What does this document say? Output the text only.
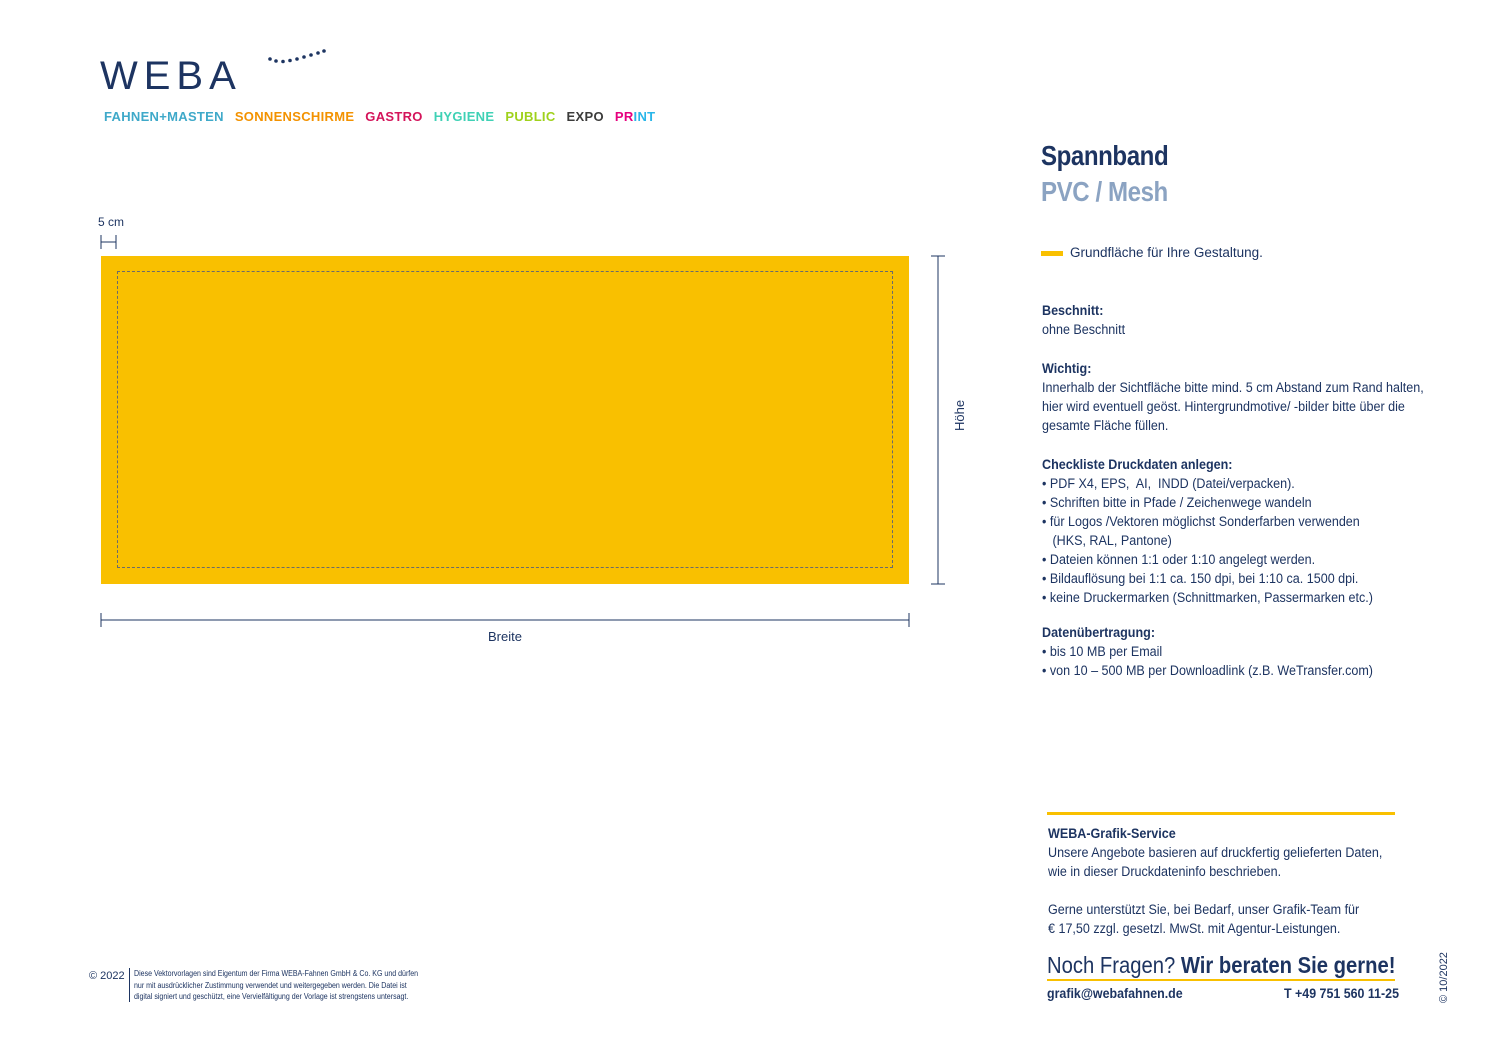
WEBA
FAHNEN+MASTEN SONNENSCHIRME GASTRO HYGIENE PUBLIC EXPO PRINT
5 cm
Höhe
Breite
Spannband
PVC / Mesh
Grundfläche für Ihre Gestaltung.
Beschnitt:
ohne Beschnitt
Wichtig:
Innerhalb der Sichtfläche bitte mind. 5 cm Abstand zum Rand halten,
hier wird eventuell geöst. Hintergrundmotive/ -bilder bitte über die
gesamte Fläche füllen.
Checkliste Druckdaten anlegen:
• PDF X4, EPS,  AI,  INDD (Datei/verpacken).
• Schriften bitte in Pfade / Zeichenwege wandeln
• für Logos /Vektoren möglichst Sonderfarben verwenden
(HKS, RAL, Pantone)
• Dateien können 1:1 oder 1:10 angelegt werden.
• Bildauflösung bei 1:1 ca. 150 dpi, bei 1:10 ca. 1500 dpi.
• keine Druckermarken (Schnittmarken, Passermarken etc.)
Datenübertragung:
• bis 10 MB per Email
• von 10 – 500 MB per Downloadlink (z.B. WeTransfer.com)
WEBA-Grafik-Service
Unsere Angebote basieren auf druckfertig gelieferten Daten,
wie in dieser Druckdateninfo beschrieben.
Gerne unterstützt Sie, bei Bedarf, unser Grafik-Team für
€ 17,50 zzgl. gesetzl. MwSt. mit Agentur-Leistungen.
Noch Fragen? Wir beraten Sie gerne!
grafik@webafahnen.de	T +49 751 560 11-25	© 10/2022
© 2022 Diese Vektorvorlagen sind Eigentum der Firma WEBA-Fahnen GmbH & Co. KG und dürfen
nur mit ausdrücklicher Zustimmung verwendet und weitergegeben werden. Die Datei ist
digital signiert und geschützt, eine Vervielfältigung der Vorlage ist strengstens untersagt.
